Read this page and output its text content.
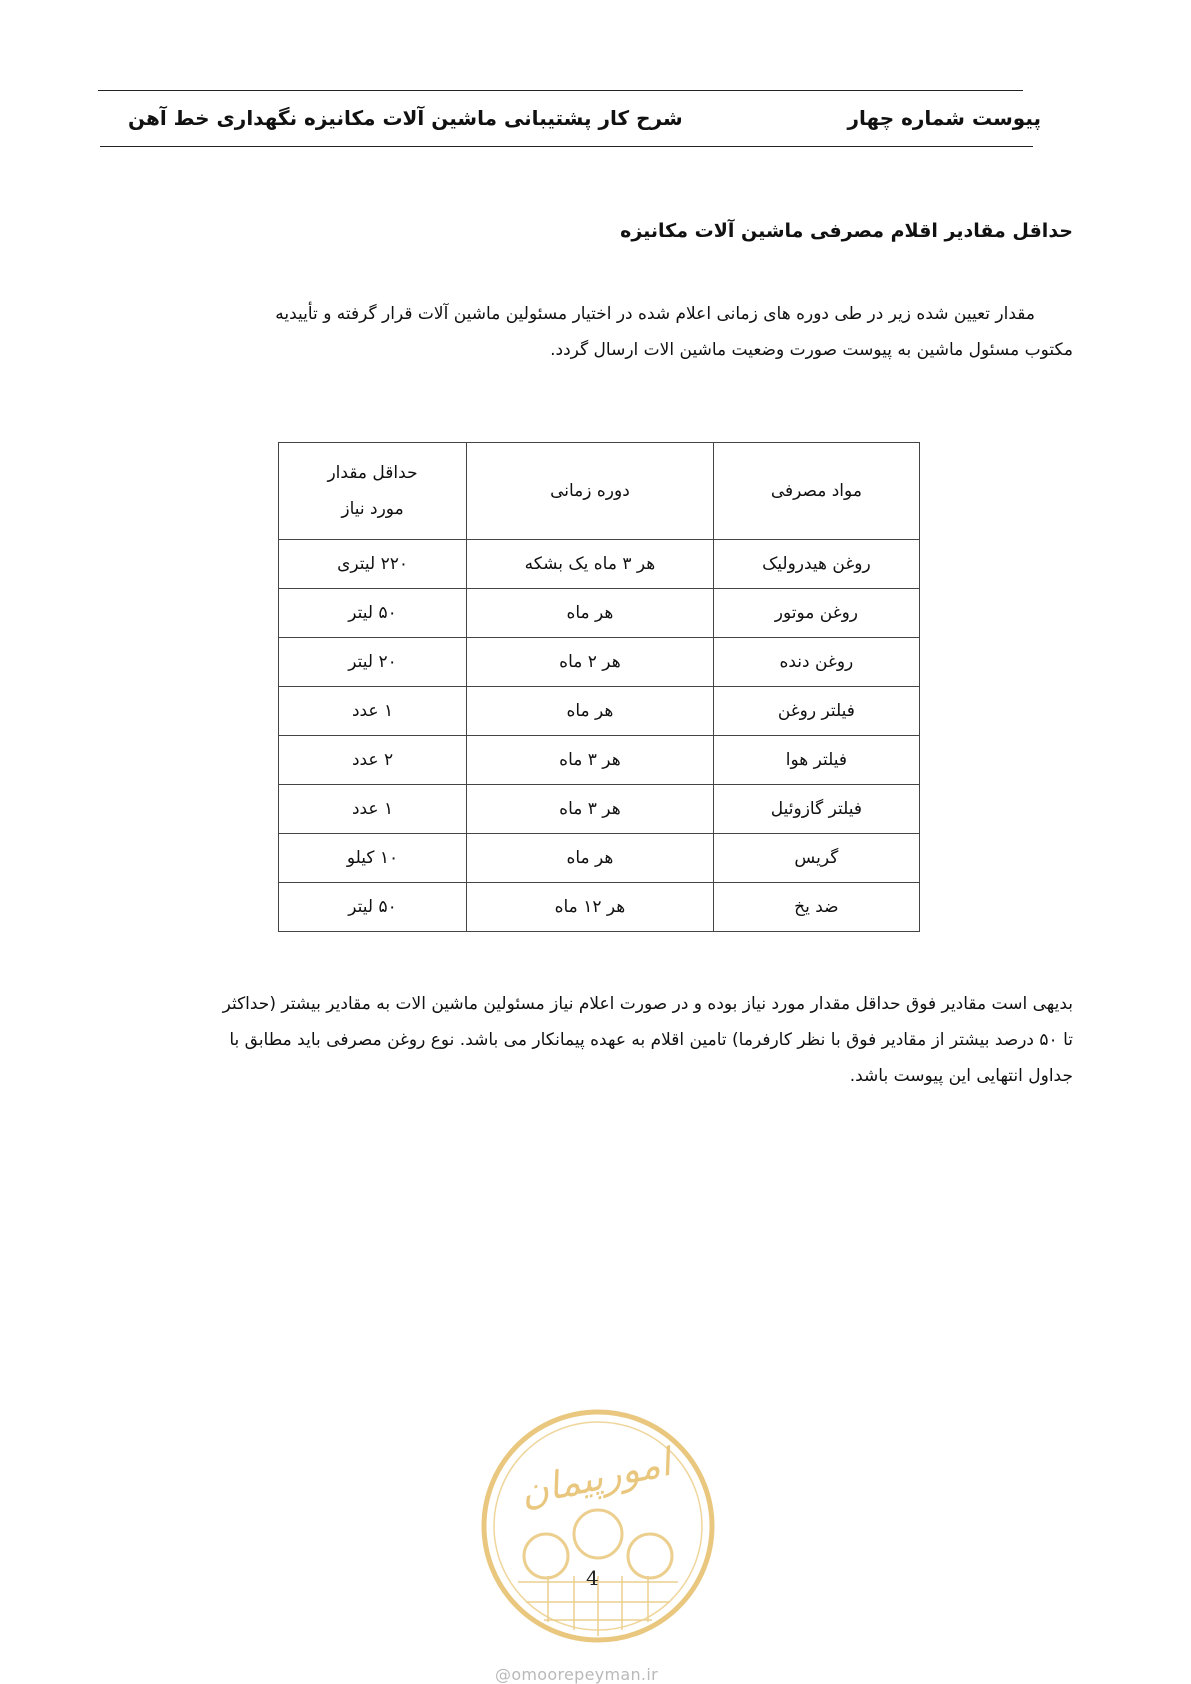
پیوست شماره چهار
شرح کار پشتیبانی ماشین آلات مکانیزه نگهداری خط آهن
حداقل مقادیر اقلام مصرفی ماشین آلات مکانیزه
مقدار تعیین شده زیر در طی دوره های زمانی اعلام شده در اختیار مسئولین ماشین آلات قرار گرفته و تأییدیه
مکتوب مسئول ماشین به پیوست صورت وضعیت ماشین الات ارسال گردد.
مواد مصرفی	دوره زمانی	حداقل مقدار
مورد نیاز

روغن هیدرولیک	هر ۳ ماه یک بشکه	۲۲۰ لیتری
روغن موتور	هر ماه	۵۰ لیتر
روغن دنده	هر ۲ ماه	۲۰ لیتر
فیلتر روغن	هر ماه	۱ عدد
فیلتر هوا	هر ۳ ماه	۲ عدد
فیلتر گازوئیل	هر ۳ ماه	۱ عدد
گریس	هر ماه	۱۰ کیلو
ضد یخ	هر ۱۲ ماه	۵۰ لیتر
بدیهی است مقادیر فوق حداقل مقدار مورد نیاز بوده و در صورت اعلام نیاز مسئولین ماشین الات به مقادیر بیشتر (حداکثر
تا ۵۰ درصد بیشتر از مقادیر فوق با نظر کارفرما) تامین اقلام به عهده پیمانکار می باشد. نوع روغن مصرفی باید مطابق با
جداول انتهایی این پیوست باشد.
امورپیمان
4
@omoorepeyman.ir
